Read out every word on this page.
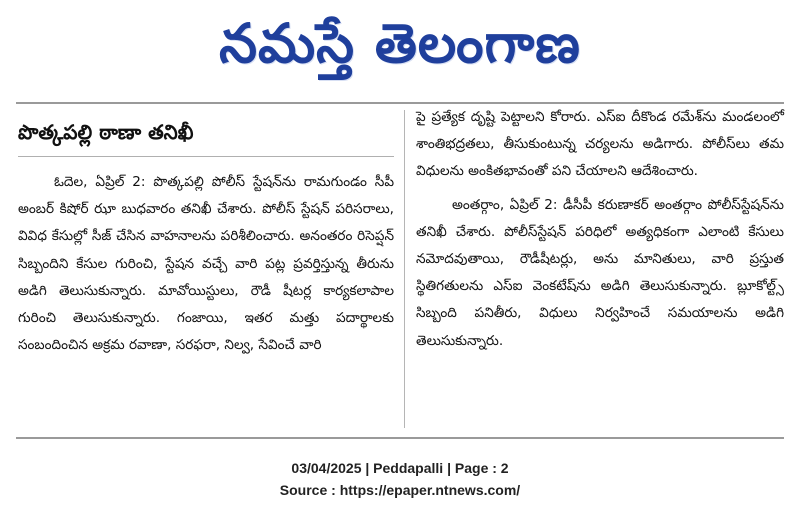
నమస్తే తెలంగాణ
పొత్కపల్లి ఠాణా తనిఖీ

ఓదెల, ఏప్రిల్ 2: పొత్కపల్లి పోలీస్ స్టేషన్‌ను రామగుండం సీపీ అంబర్ కిషోర్ ఝా బుధవారం తనిఖీ చేశారు. పోలీస్ స్టేషన్ పరిసరాలు, వివిధ కేసుల్లో సీజ్ చేసిన వాహనాలను పరిశీలించారు. అనంతరం రిసెప్షన్ సిబ్బందిని కేసుల గురించి, స్టేషన వచ్చే వారి పట్ల ప్రవర్తిస్తున్న తీరును అడిగి తెలుసుకున్నారు. మావోయిస్టులు, రౌడీ షీటర్ల కార్యకలాపాల గురించి తెలుసుకున్నారు. గంజాయి, ఇతర మత్తు పదార్థాలకు సంబందించిన అక్రమ రవాణా, సరఫరా, నిల్వ, సేవించే వారి

పై ప్రత్యేక దృష్టి పెట్టాలని కోరారు. ఎస్ఐ దీకొండ రమేశ్‌ను మండలంలో శాంతిభద్రతలు, తీసుకుంటున్న చర్యలను అడిగారు. పోలీస్‌లు తమ విధులను అంకితభావంతో పని చేయాలని ఆదేశించారు.

అంతర్గాం, ఏప్రిల్ 2: డీసీపీ కరుణాకర్ అంతర్గాం పోలీస్‌స్టేషన్‌ను తనిఖీ చేశారు. పోలీస్‌స్టేషన్ పరిధిలో అత్యధికంగా ఎలాంటి కేసులు నమోదవుతాయి, రౌడీషీటర్లు, అను మానితులు, వారి ప్రస్తుత స్థితిగతులను ఎస్ఐ వెంకటేష్‌ను అడిగి తెలుసుకున్నారు. బ్లూకోల్ట్స్ సిబ్బంది పనితీరు, విధులు నిర్వహించే సమయాలను అడిగి తెలుసుకున్నారు.

03/04/2025 | Peddapalli | Page : 2
Source : https://epaper.ntnews.com/
